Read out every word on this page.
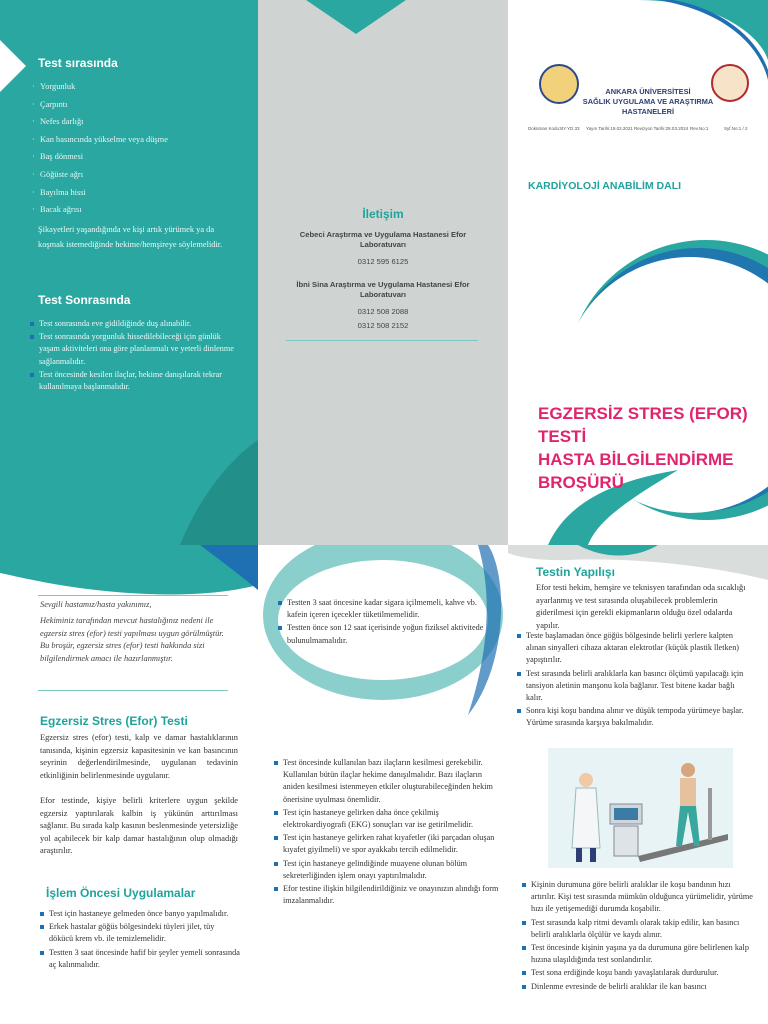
Test sırasında
· Yorgunluk
· Çarpıntı
· Nefes darlığı
· Kan basıncında yükselme veya düşme
· Baş dönmesi
· Göğüste ağrı
· Bayılma hissi
· Bacak ağrısı
Şikayetleri yaşandığında ve kişi artık yürümek ya da koşmak istemediğinde hekime/hemşireye söylemelidir.
Test Sonrasında
Test sonrasında eve gidildiğinde duş alınabilir.
Test sonrasında yorgunluk hissedilebileceği için günlük yaşam aktiviteleri ona göre planlanmalı ve yeterli dinlenme sağlanmalıdır.
Test öncesinde kesilen ilaçlar, hekime danışılarak tekrar kullanılmaya başlanmalıdır.
İletişim
Cebeci Araştırma ve Uygulama Hastanesi Efor Laboratuvarı
0312 595 6125
İbni Sina Araştırma ve Uygulama Hastanesi Efor Laboratuvarı
0312 508 2088
0312 508 2152
ANKARA ÜNİVERSİTESİ
SAĞLIK UYGULAMA VE ARAŞTIRMA HASTANELERİ
Doküman Kodu:BY.YD.33 Yayın Tarihi:19.03.2021 Revizyon Tarihi:28.03.2024 Rev.No:1	Syf.No:1 / 2
KARDİYOLOJİ ANABİLİM DALI
EGZERSİZ STRES (EFOR)
TESTİ
HASTA BİLGİLENDİRME
BROŞÜRÜ
Sevgili hastamız/hasta yakınımız,
Hekiminiz tarafından mevcut hastalığınız nedeni ile egzersiz stres (efor) testi yapılması uygun görülmüştür. Bu broşür, egzersiz stres (efor) testi hakkında sizi bilgilendirmek amacı ile hazırlanmıştır.
Egzersiz Stres (Efor) Testi
Egzersiz stres (efor) testi, kalp ve damar hastalıklarının tanısında, kişinin egzersiz kapasitesinin ve kan basıncının seyrinin değerlendirilmesinde, uygulanan tedavinin etkinliğinin belirlenmesinde uygulanır.
Efor testinde, kişiye belirli kriterlere uygun şekilde egzersiz yaptırılarak kalbin iş yükünün arttırılması sağlanır. Bu sırada kalp kasının beslenmesinde yetersizliğe yol açabilecek bir kalp damar hastalığının olup olmadığı araştırılır.
İşlem Öncesi Uygulamalar
Test için hastaneye gelmeden önce banyo yapılmalıdır.
Erkek hastalar göğüs bölgesindeki tüyleri jilet, tüy dökücü krem vb. ile temizlemelidir.
Testten 3 saat öncesinde hafif bir şeyler yemeli sonrasında aç kalınmalıdır.
Testten 3 saat öncesine kadar sigara içilmemeli, kahve vb. kafein içeren içecekler tüketilmemelidir.
Testten önce son 12 saat içerisinde yoğun fiziksel aktivitede bulunulmamalıdır.
Test öncesinde kullanılan bazı ilaçların kesilmesi gerekebilir. Kullanılan bütün ilaçlar hekime danışılmalıdır. Bazı ilaçların aniden kesilmesi istenmeyen etkiler oluşturabileceğinden hekim önerisine uyulması önemlidir.
Test için hastaneye gelirken daha önce çekilmiş elektrokardiyografi (EKG) sonuçları var ise getirilmelidir.
Test için hastaneye gelirken rahat kıyafetler (iki parçadan oluşan kıyafet giyilmeli) ve spor ayakkabı tercih edilmelidir.
Test için hastaneye gelindiğinde muayene olunan bölüm sekreterliğinden işlem onayı yaptırılmalıdır.
Efor testine ilişkin bilgilendirildiğiniz ve onayınızın alındığı form imzalanmalıdır.
Testin Yapılışı
Efor testi hekim, hemşire ve teknisyen tarafından oda sıcaklığı ayarlanmış ve test sırasında oluşabilecek problemlerin giderilmesi için gerekli ekipmanların olduğu özel odalarda yapılır.
Teste başlamadan önce göğüs bölgesinde belirli yerlere kalpten alınan sinyalleri cihaza aktaran elektrotlar (küçük plastik lletken) yapıştırılır.
Test sırasında belirli aralıklarla kan basıncı ölçümü yapılacağı için tansiyon aletinin manşonu kola bağlanır. Test bitene kadar bağlı kalır.
Sonra kişi koşu bandına alınır ve düşük tempoda yürümeye başlar. Yürüme sırasında karşıya bakılmalıdır.
Kişinin durumuna göre belirli aralıklar ile koşu bandının hızı artırılır. Kişi test sırasında mümkün olduğunca yürümelidir, yürüme hızı ile yetişemediği durumda koşabilir.
Test sırasında kalp ritmi devamlı olarak takip edilir, kan basıncı belirli aralıklarla ölçülür ve kaydı alınır.
Test öncesinde kişinin yaşına ya da durumuna göre belirlenen kalp hızına ulaşıldığında test sonlandırılır.
Test sona erdiğinde koşu bandı yavaşlatılarak durdurulur.
Dinlenme evresinde de belirli aralıklar ile kan basıncı
